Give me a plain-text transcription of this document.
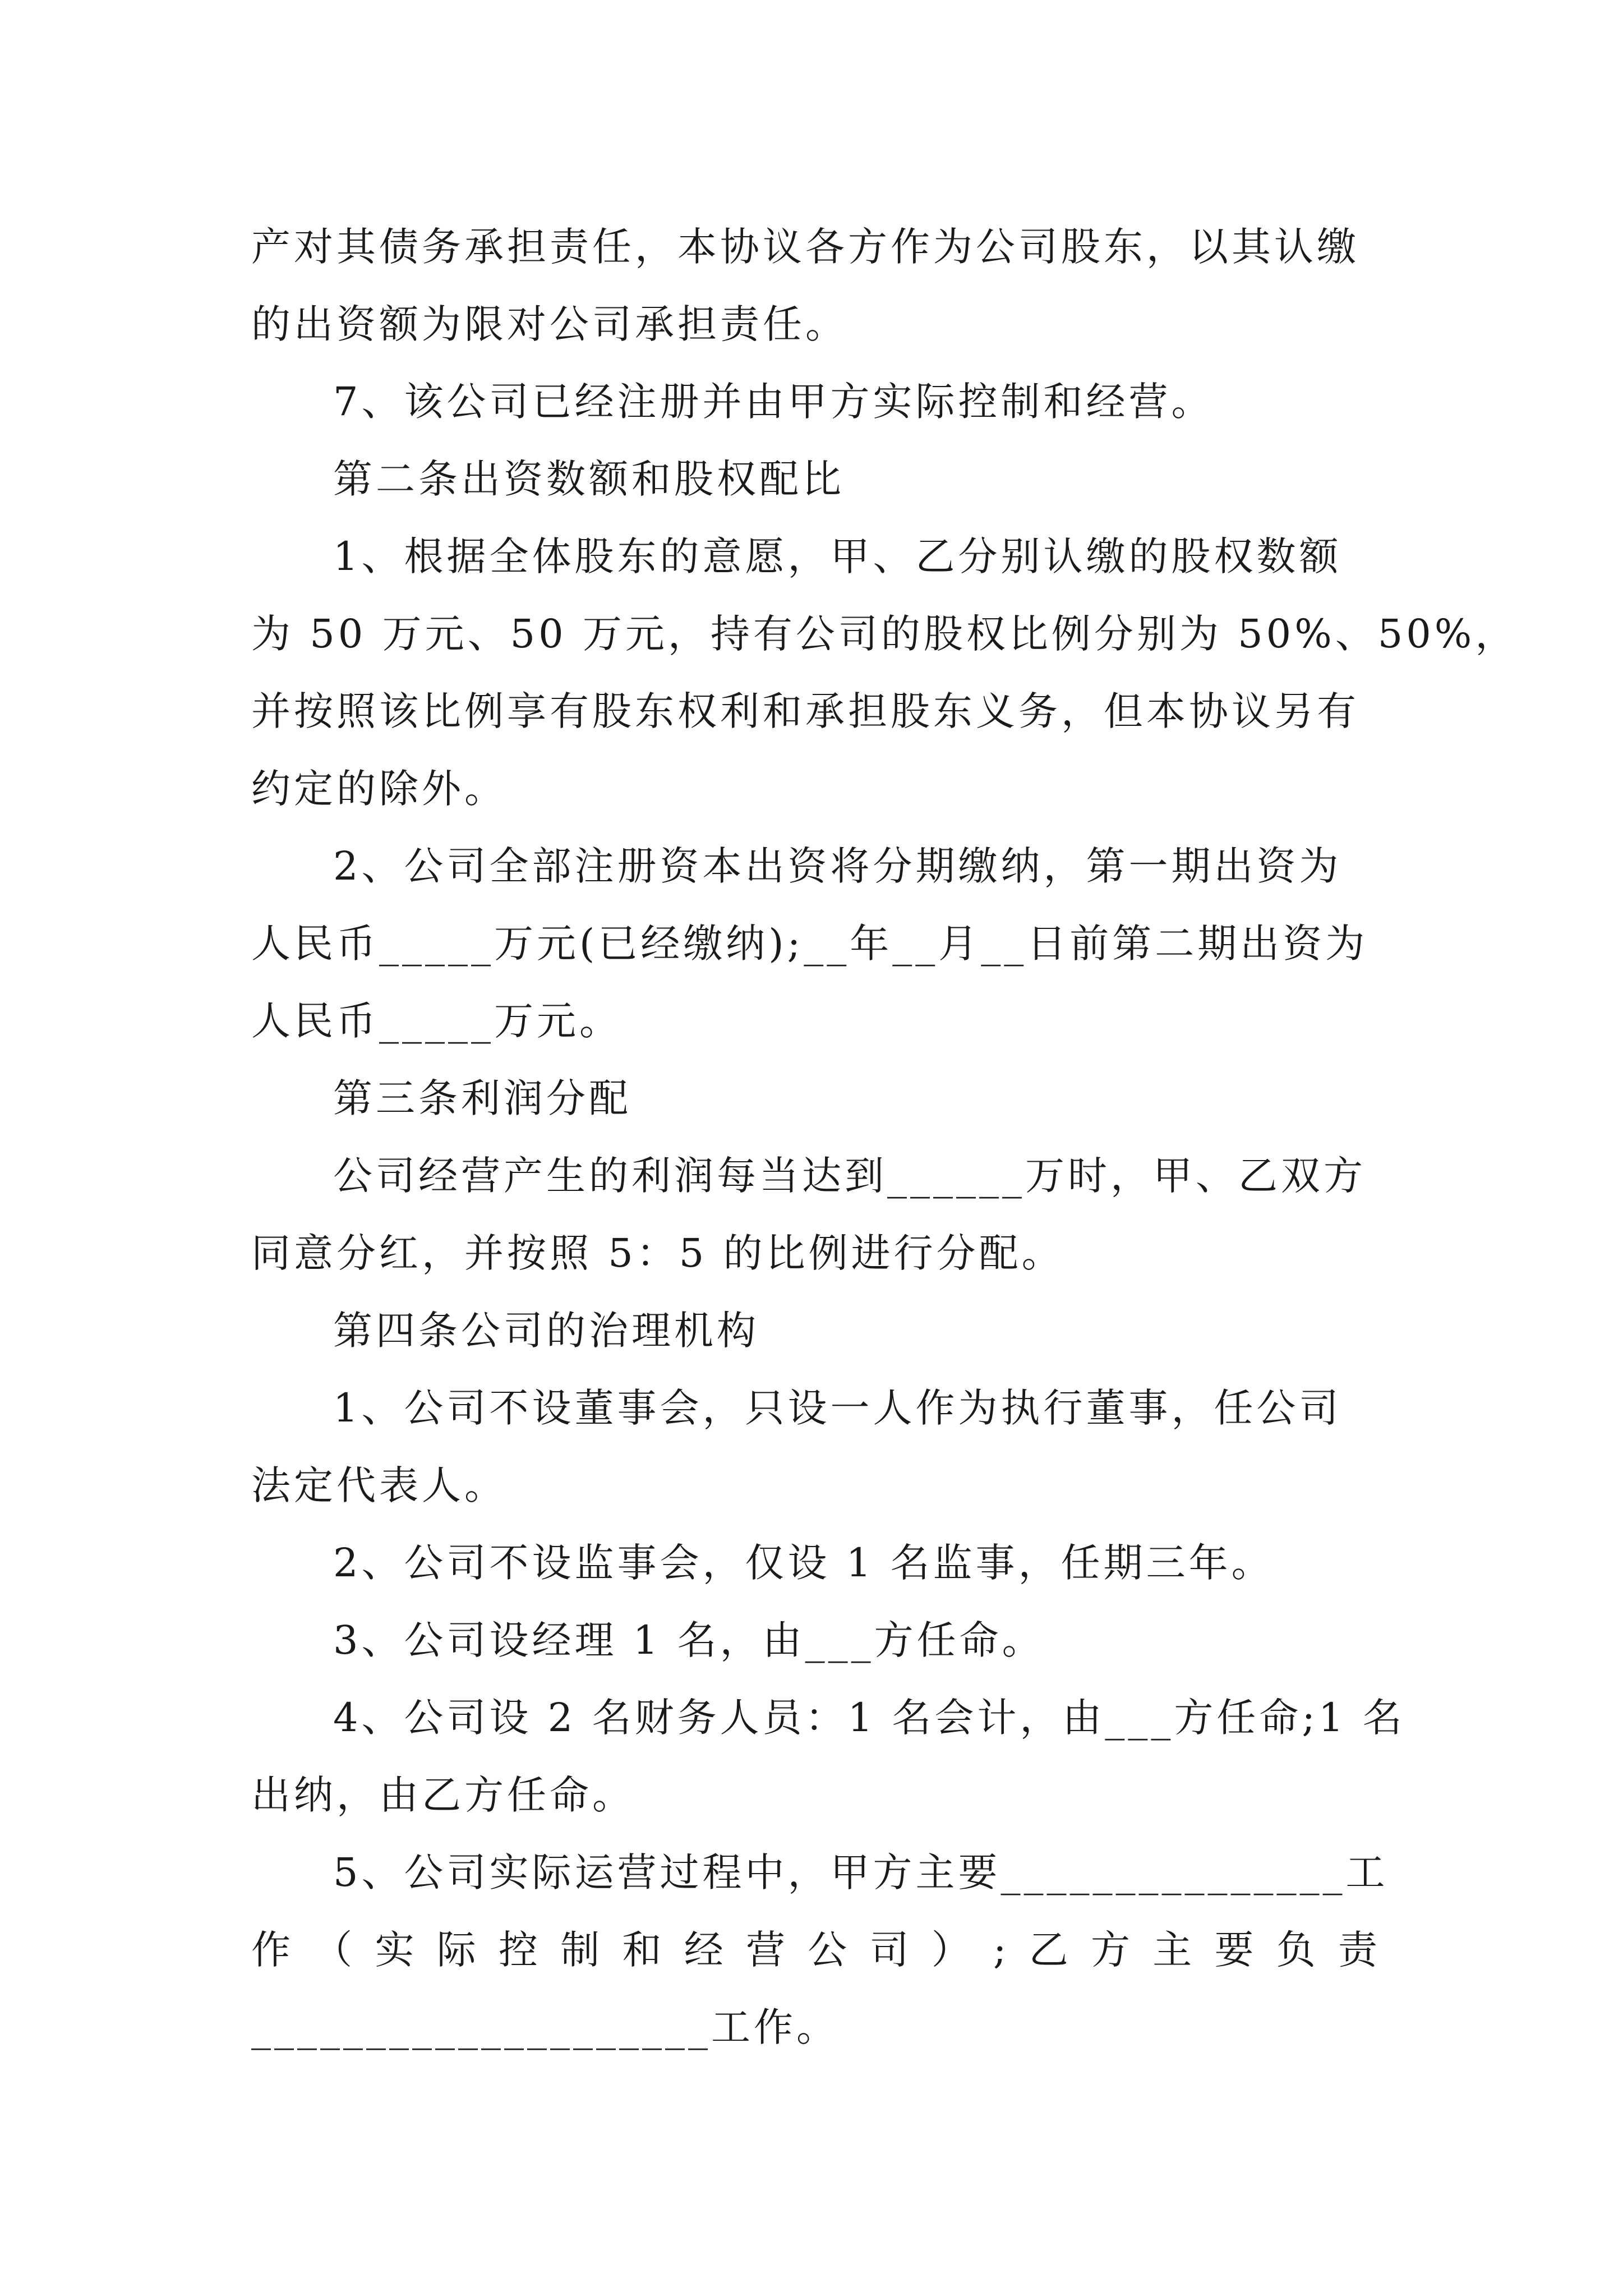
产对其债务承担责任，本协议各方作为公司股东，以其认缴
的出资额为限对公司承担责任。
7、该公司已经注册并由甲方实际控制和经营。
第二条出资数额和股权配比
1、根据全体股东的意愿，甲、乙分别认缴的股权数额
为 50 万元、50 万元，持有公司的股权比例分别为 50%、50%，
并按照该比例享有股东权利和承担股东义务，但本协议另有
约定的除外。
2、公司全部注册资本出资将分期缴纳，第一期出资为
人民币_____万元(已经缴纳);__年__月__日前第二期出资为
人民币_____万元。
第三条利润分配
公司经营产生的利润每当达到______万时，甲、乙双方
同意分红，并按照 5：5 的比例进行分配。
第四条公司的治理机构
1、公司不设董事会，只设一人作为执行董事，任公司
法定代表人。
2、公司不设监事会，仅设 1 名监事，任期三年。
3、公司设经理 1 名，由___方任命。
4、公司设 2 名财务人员：1 名会计，由___方任命;1 名
出纳，由乙方任命。
5、公司实际运营过程中，甲方主要_______________工
作（实际控制和经营公司）;乙方主要负责
____________________工作。
